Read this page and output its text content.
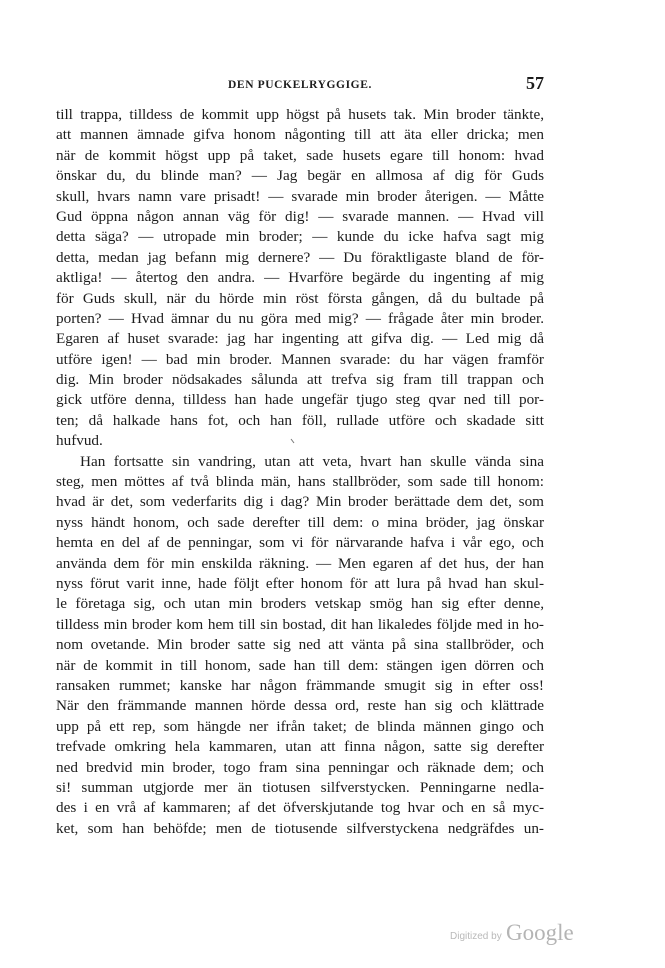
DEN PUCKELRYGGIGE.	57
till trappa, tilldess de kommit upp högst på husets tak. Min broder tänkte,
att mannen ämnade gifva honom någonting till att äta eller dricka; men
när de kommit högst upp på taket, sade husets egare till honom: hvad
önskar du, du blinde man? — Jag begär en allmosa af dig för Guds
skull, hvars namn vare prisadt! — svarade min broder återigen. — Måtte
Gud öppna någon annan väg för dig! — svarade mannen. — Hvad vill
detta säga? — utropade min broder; — kunde du icke hafva sagt mig
detta, medan jag befann mig dernere? — Du föraktligaste bland de för-
aktliga! — återtog den andra. — Hvarföre begärde du ingenting af mig
för Guds skull, när du hörde min röst första gången, då du bultade på
porten? — Hvad ämnar du nu göra med mig? — frågade åter min broder.
Egaren af huset svarade: jag har ingenting att gifva dig. — Led mig då
utföre igen! — bad min broder. Mannen svarade: du har vägen framför
dig. Min broder nödsakades sålunda att trefva sig fram till trappan och
gick utföre denna, tilldess han hade ungefär tjugo steg qvar ned till por-
ten; då halkade hans fot, och han föll, rullade utföre och skadade sitt
hufvud.
Han fortsatte sin vandring, utan att veta, hvart han skulle vända sina
steg, men möttes af två blinda män, hans stallbröder, som sade till honom:
hvad är det, som vederfarits dig i dag? Min broder berättade dem det, som
nyss händt honom, och sade derefter till dem: o mina bröder, jag önskar
hemta en del af de penningar, som vi för närvarande hafva i vår ego, och
använda dem för min enskilda räkning. — Men egaren af det hus, der han
nyss förut varit inne, hade följt efter honom för att lura på hvad han skul-
le företaga sig, och utan min broders vetskap smög han sig efter denne,
tilldess min broder kom hem till sin bostad, dit han likaledes följde med in ho-
nom ovetande. Min broder satte sig ned att vänta på sina stallbröder, och
när de kommit in till honom, sade han till dem: stängen igen dörren och
ransaken rummet; kanske har någon främmande smugit sig in efter oss!
När den främmande mannen hörde dessa ord, reste han sig och klättrade
upp på ett rep, som hängde ner ifrån taket; de blinda männen gingo och
trefvade omkring hela kammaren, utan att finna någon, satte sig derefter
ned bredvid min broder, togo fram sina penningar och räknade dem; och
si! summan utgjorde mer än tiotusen silfverstycken. Penningarne nedla-
des i en vrå af kammaren; af det öfverskjutande tog hvar och en så myc-
ket, som han behöfde; men de tiotusende silfverstyckena nedgräfdes un-
Digitized by Google
